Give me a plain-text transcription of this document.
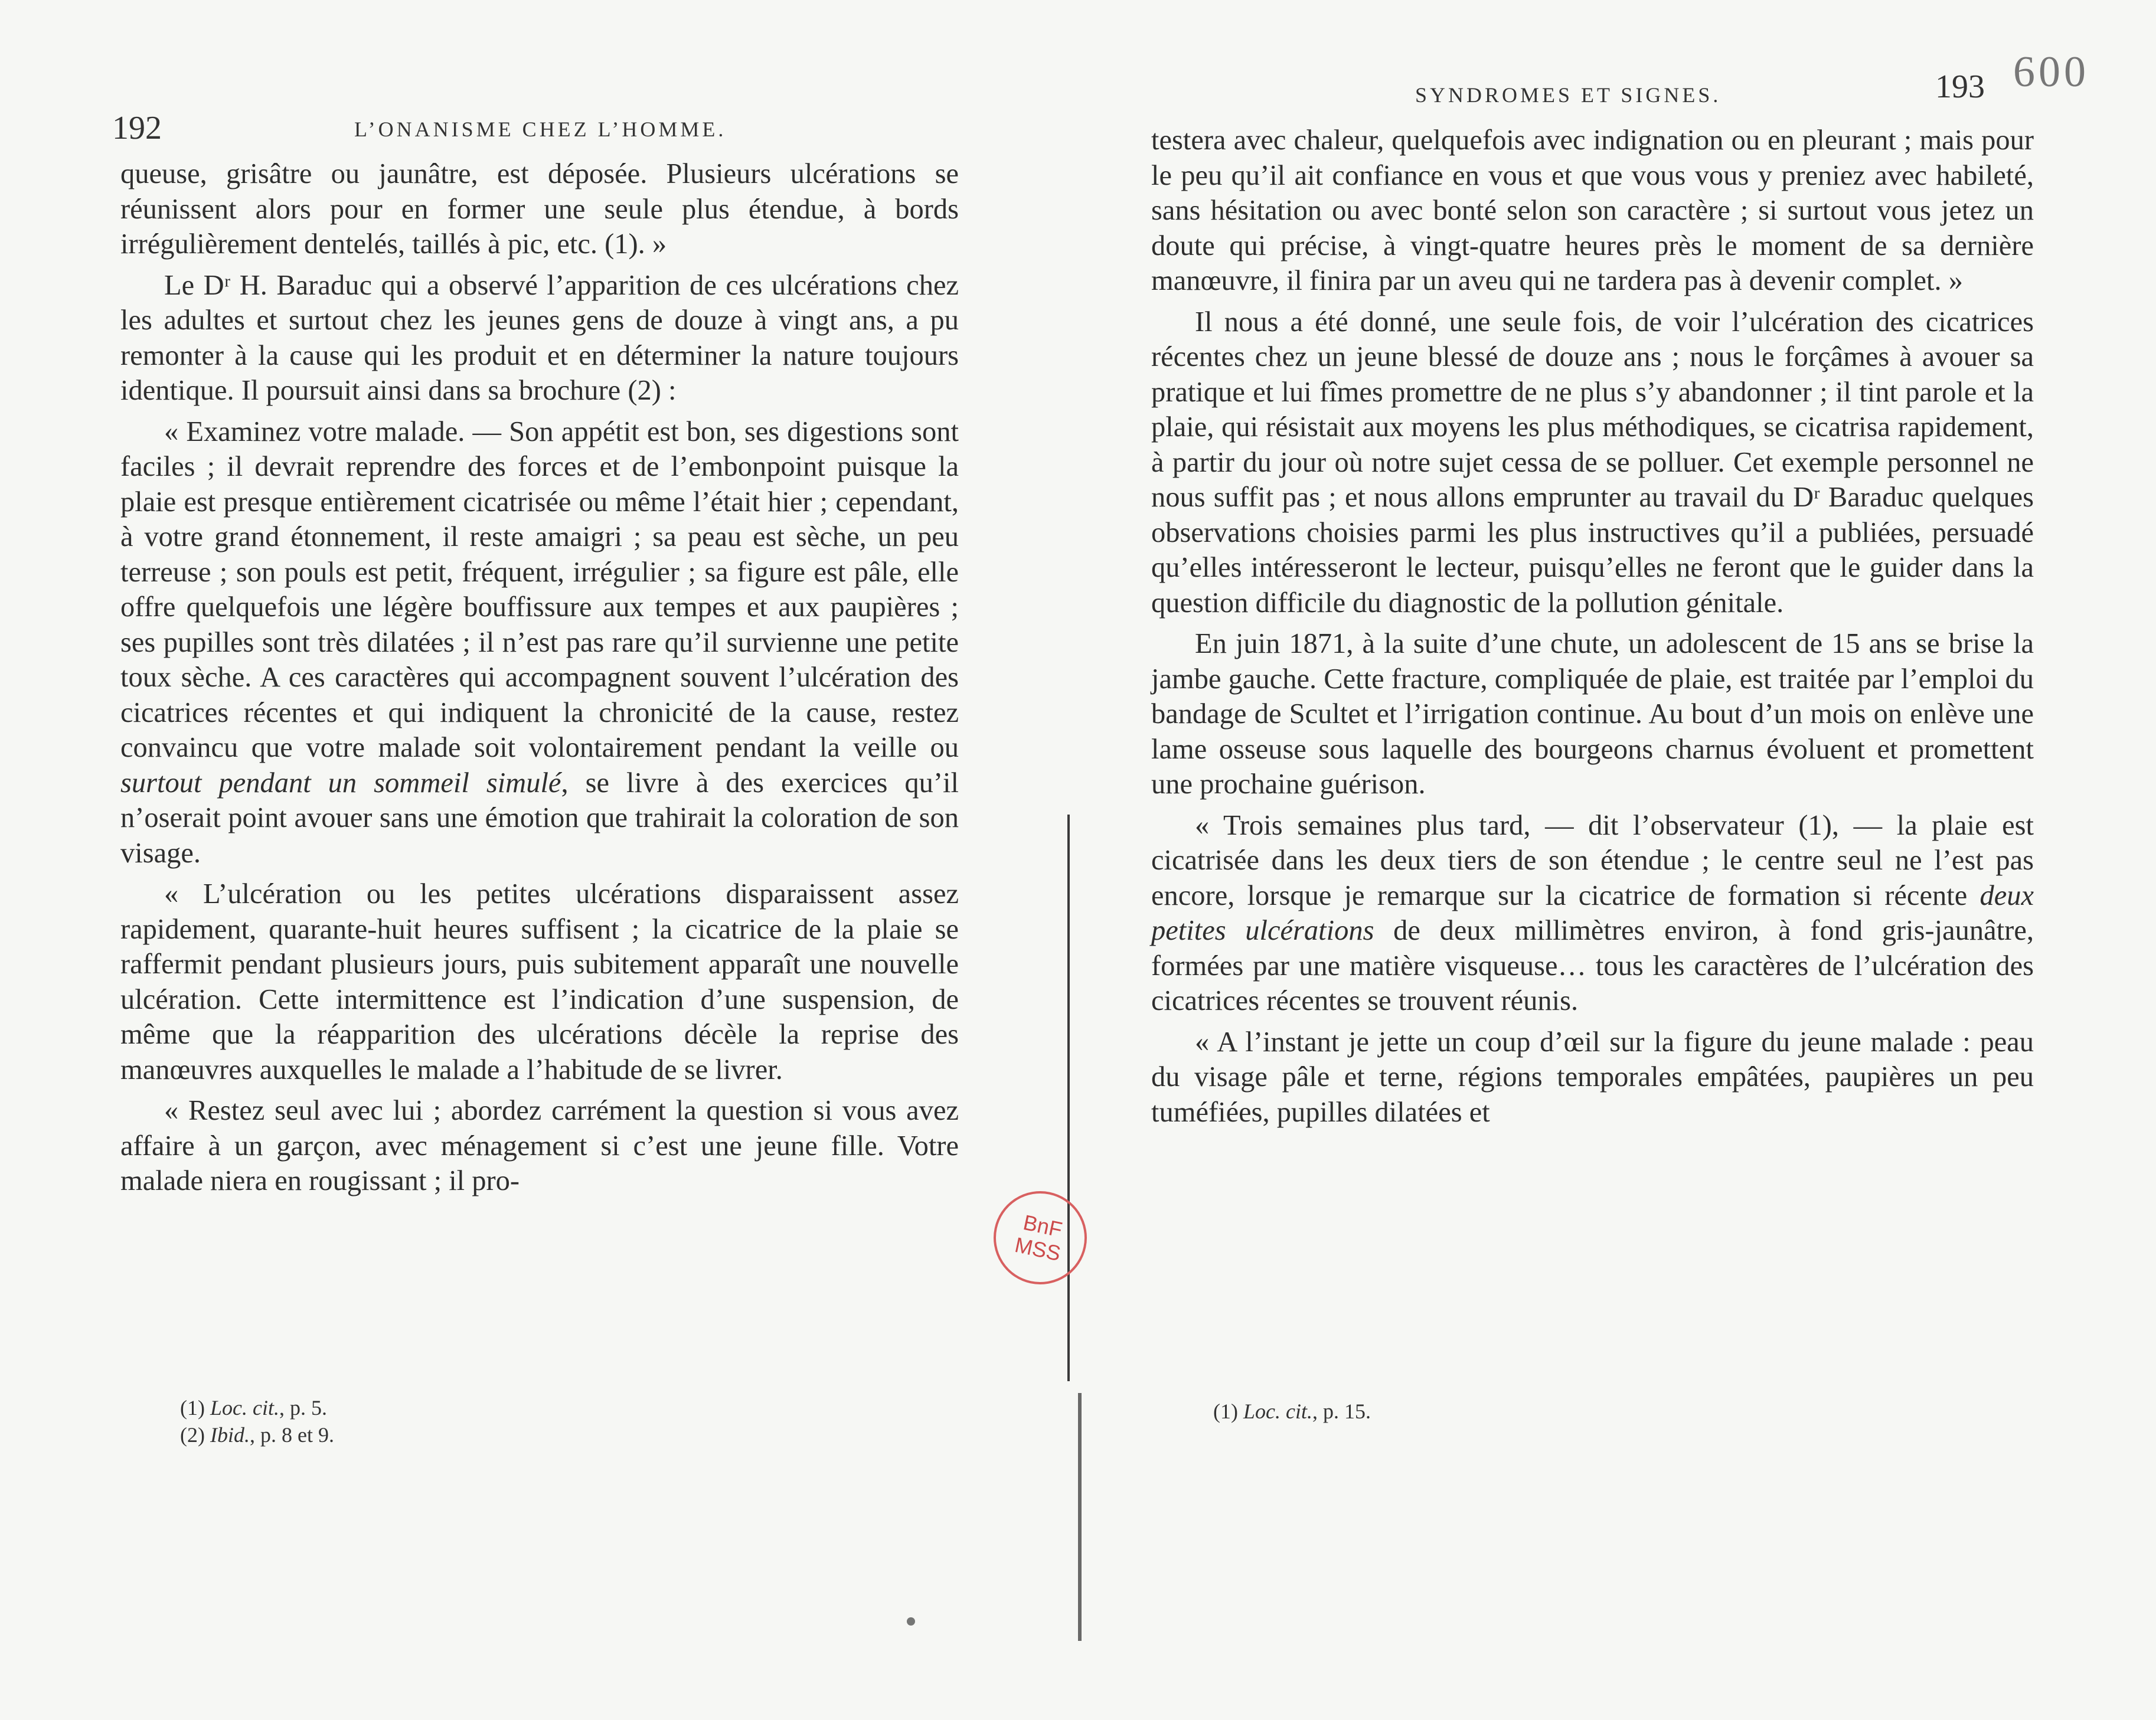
192	L’ONANISME CHEZ L’HOMME.

queuse, grisâtre ou jaunâtre, est déposée. Plusieurs ulcérations se réunissent alors pour en former une seule plus étendue, à bords irrégulièrement dentelés, taillés à pic, etc. (1). »

Le Dʳ H. Baraduc qui a observé l’apparition de ces ulcérations chez les adultes et surtout chez les jeunes gens de douze à vingt ans, a pu remonter à la cause qui les produit et en déterminer la nature toujours identique. Il poursuit ainsi dans sa brochure (2) :

« Examinez votre malade. — Son appétit est bon, ses digestions sont faciles ; il devrait reprendre des forces et de l’embonpoint puisque la plaie est presque entièrement cicatrisée ou même l’était hier ; cependant, à votre grand étonnement, il reste amaigri ; sa peau est sèche, un peu terreuse ; son pouls est petit, fréquent, irrégulier ; sa figure est pâle, elle offre quelquefois une légère bouffissure aux tempes et aux paupières ; ses pupilles sont très dilatées ; il n’est pas rare qu’il survienne une petite toux sèche. A ces caractères qui accompagnent souvent l’ulcération des cicatrices récentes et qui indiquent la chronicité de la cause, restez convaincu que votre malade soit volontairement pendant la veille ou surtout pendant un sommeil simulé, se livre à des exercices qu’il n’oserait point avouer sans une émotion que trahirait la coloration de son visage.

« L’ulcération ou les petites ulcérations disparaissent assez rapidement, quarante-huit heures suffisent ; la cicatrice de la plaie se raffermit pendant plusieurs jours, puis subitement apparaît une nouvelle ulcération. Cette intermittence est l’indication d’une suspension, de même que la réapparition des ulcérations décèle la reprise des manœuvres auxquelles le malade a l’habitude de se livrer.

« Restez seul avec lui ; abordez carrément la question si vous avez affaire à un garçon, avec ménagement si c’est une jeune fille. Votre malade niera en rougissant ; il pro-

(1) Loc. cit., p. 5.
(2) Ibid., p. 8 et 9.
BnF
MSS
SYNDROMES ET SIGNES.	193 600

testera avec chaleur, quelquefois avec indignation ou en pleurant ; mais pour le peu qu’il ait confiance en vous et que vous vous y preniez avec habileté, sans hésitation ou avec bonté selon son caractère ; si surtout vous jetez un doute qui précise, à vingt-quatre heures près le moment de sa dernière manœuvre, il finira par un aveu qui ne tardera pas à devenir complet. »

Il nous a été donné, une seule fois, de voir l’ulcération des cicatrices récentes chez un jeune blessé de douze ans ; nous le forçâmes à avouer sa pratique et lui fîmes promettre de ne plus s’y abandonner ; il tint parole et la plaie, qui résistait aux moyens les plus méthodiques, se cicatrisa rapidement, à partir du jour où notre sujet cessa de se polluer. Cet exemple personnel ne nous suffit pas ; et nous allons emprunter au travail du Dʳ Baraduc quelques observations choisies parmi les plus instructives qu’il a publiées, persuadé qu’elles intéresseront le lecteur, puisqu’elles ne feront que le guider dans la question difficile du diagnostic de la pollution génitale.

En juin 1871, à la suite d’une chute, un adolescent de 15 ans se brise la jambe gauche. Cette fracture, compliquée de plaie, est traitée par l’emploi du bandage de Scultet et l’irrigation continue. Au bout d’un mois on enlève une lame osseuse sous laquelle des bourgeons charnus évoluent et promettent une prochaine guérison.

« Trois semaines plus tard, — dit l’observateur (1), — la plaie est cicatrisée dans les deux tiers de son étendue ; le centre seul ne l’est pas encore, lorsque je remarque sur la cicatrice de formation si récente deux petites ulcérations de deux millimètres environ, à fond gris-jaunâtre, formées par une matière visqueuse… tous les caractères de l’ulcération des cicatrices récentes se trouvent réunis.

« A l’instant je jette un coup d’œil sur la figure du jeune malade : peau du visage pâle et terne, régions temporales empâtées, paupières un peu tuméfiées, pupilles dilatées et

(1) Loc. cit., p. 15.
